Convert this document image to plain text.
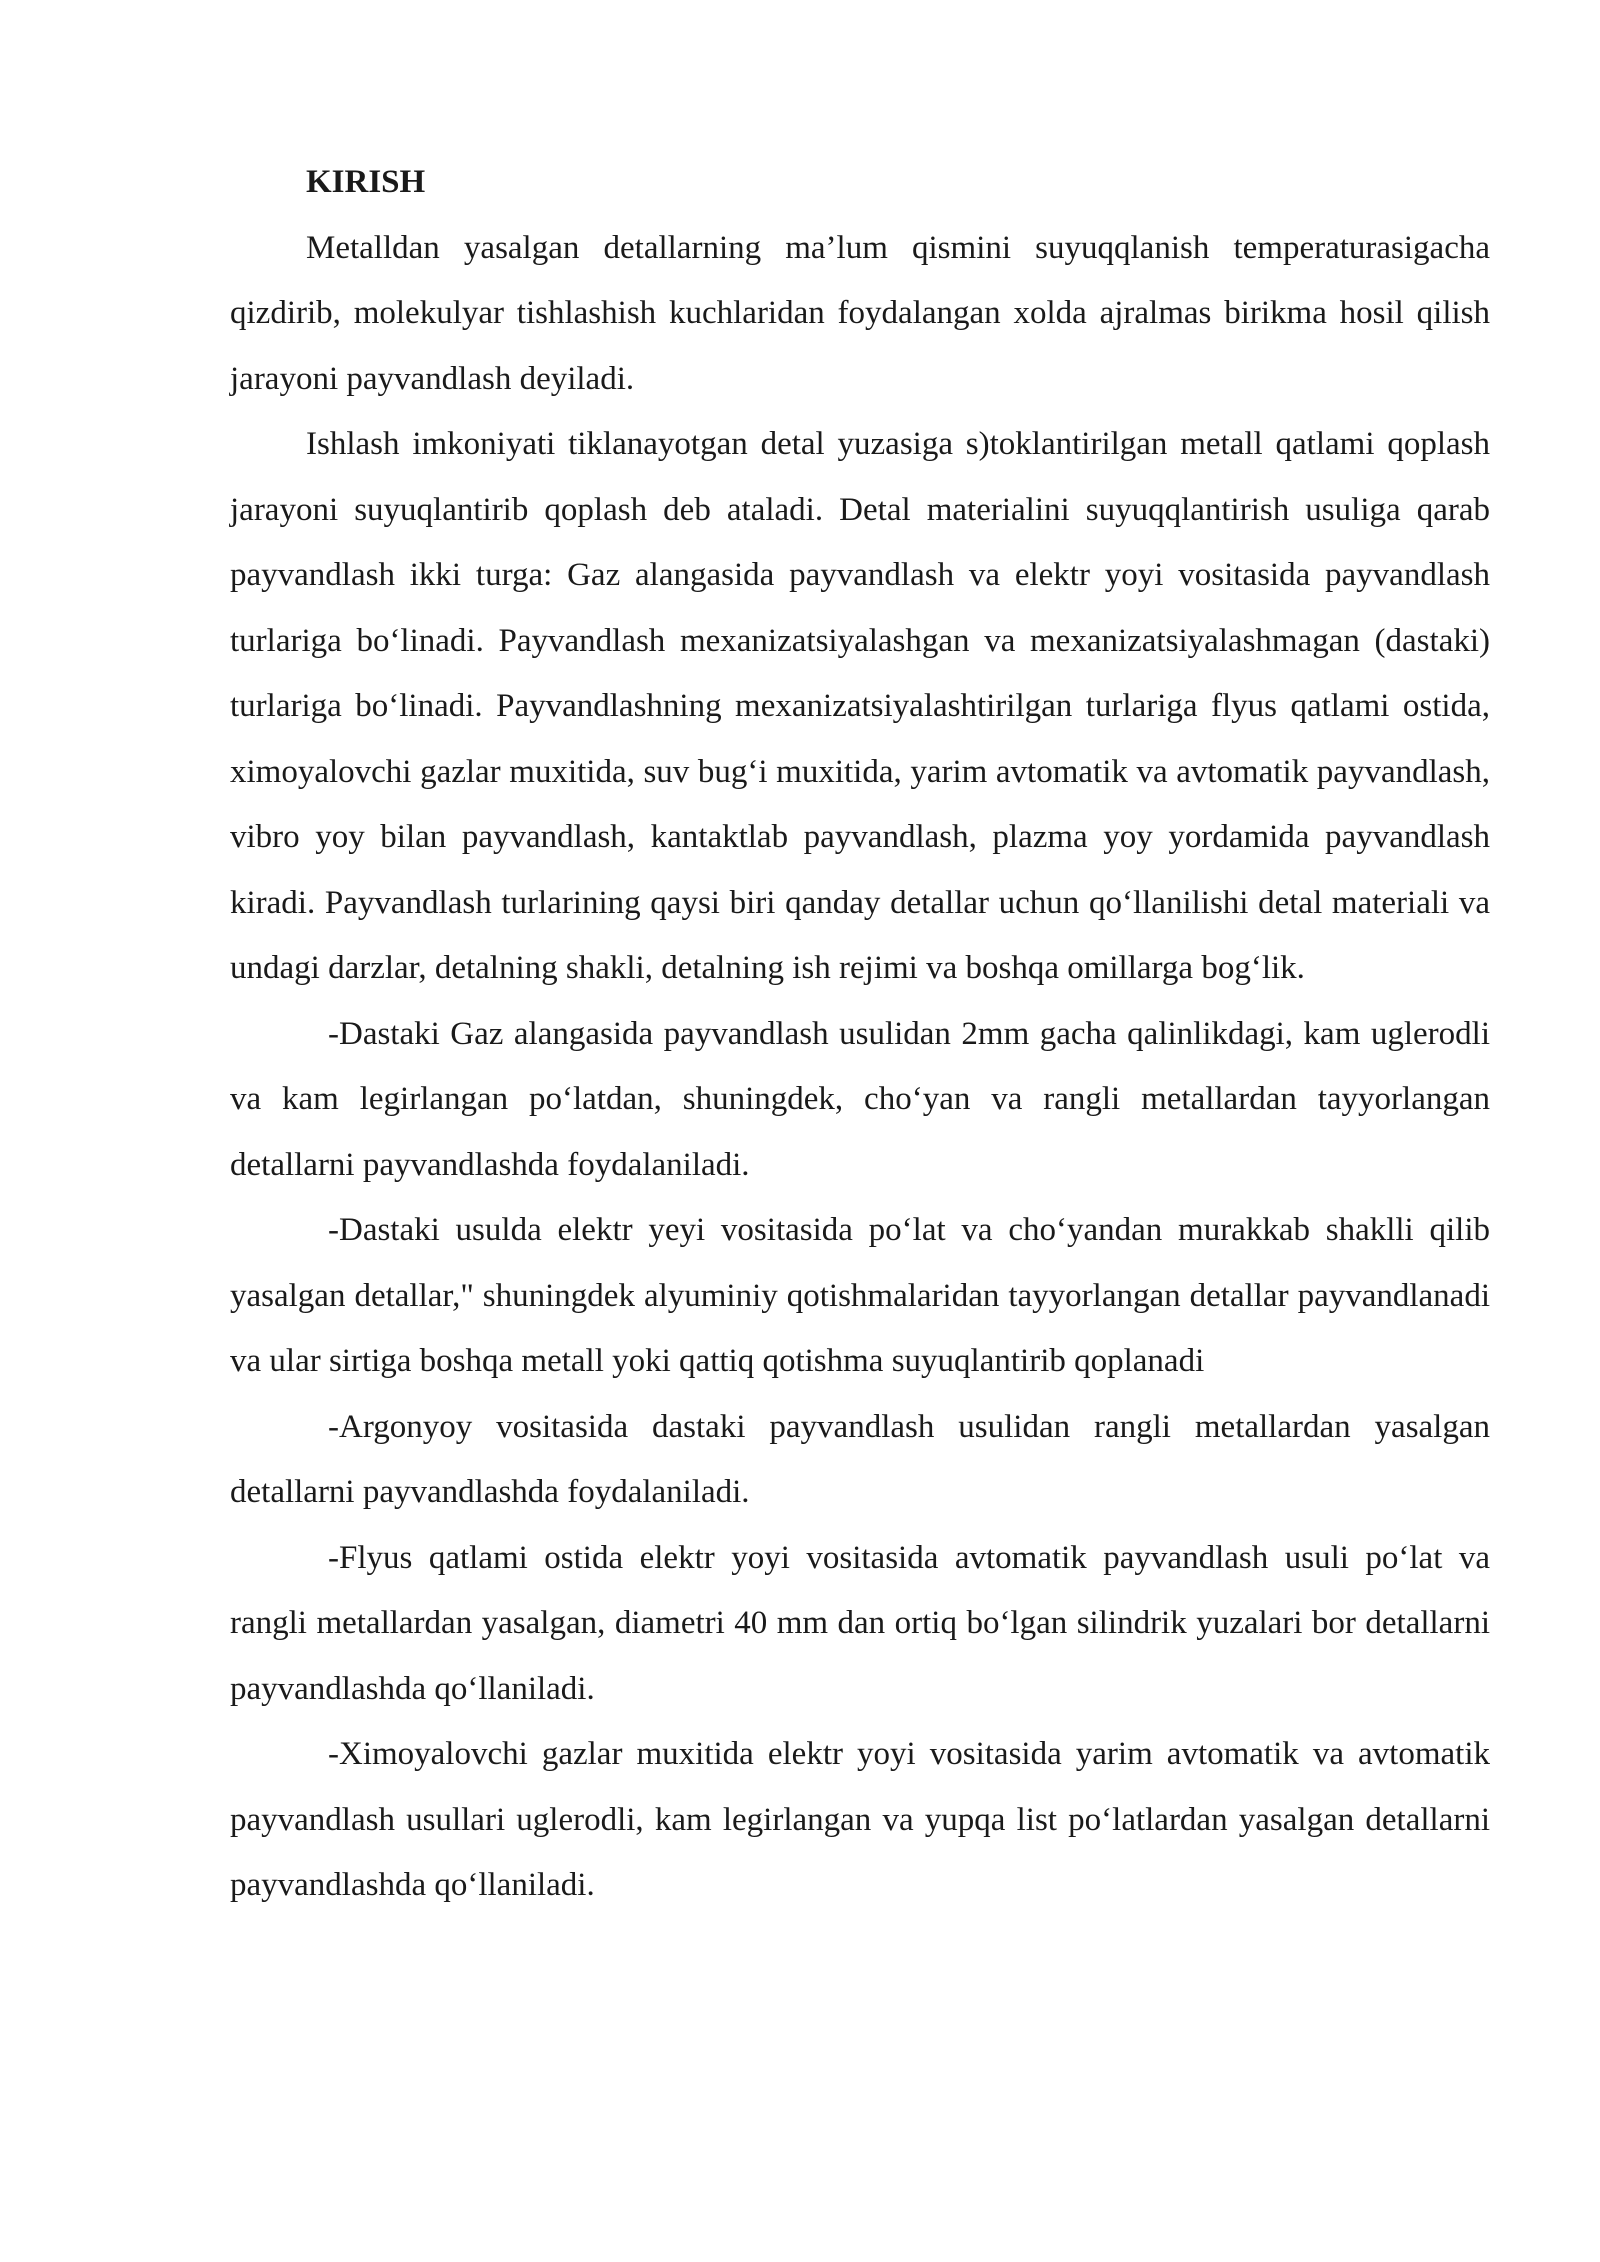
KIRISH

Metalldan yasalgan detallarning ma’lum qismini suyuqqlanish temperaturasigacha qizdirib, molekulyar tishlashish kuchlaridan foydalangan xolda ajralmas birikma hosil qilish jarayoni payvandlash deyiladi.

Ishlash imkoniyati tiklanayotgan detal yuzasiga s)toklantirilgan metall qatlami qoplash jarayoni suyuqlantirib qoplash deb ataladi. Detal materialini suyuqqlantirish usuliga qarab payvandlash ikki turga: Gaz alangasida payvandlash va elektr yoyi vositasida payvandlash turlariga bo‘linadi. Payvandlash mexanizatsiyalashgan va mexanizatsiyalashmagan (dastaki) turlariga bo‘linadi. Payvandlashning mexanizatsiyalashtirilgan turlariga flyus qatlami ostida, ximoyalovchi gazlar muxitida, suv bug‘i muxitida, yarim avtomatik va avtomatik payvandlash, vibro yoy bilan payvandlash, kantaktlab payvandlash, plazma yoy yordamida payvandlash kiradi. Payvandlash turlarining qaysi biri qanday detallar uchun qo‘llanilishi detal materiali va undagi darzlar, detalning shakli, detalning ish rejimi va boshqa omillarga bog‘lik.

-Dastaki Gaz alangasida payvandlash usulidan 2mm gacha qalinlikdagi, kam uglerodli va kam legirlangan po‘latdan, shuningdek, cho‘yan va rangli metallardan tayyorlangan detallarni payvandlashda foydalaniladi.

-Dastaki usulda elektr yeyi vositasida po‘lat va cho‘yandan murakkab shaklli qilib yasalgan detallar," shuningdek alyuminiy qotishmalaridan tayyorlangan detallar payvandlanadi va ular sirtiga boshqa metall yoki qattiq qotishma suyuqlantirib qoplanadi

-Argonyoy vositasida dastaki payvandlash usulidan rangli metallardan yasalgan detallarni payvandlashda foydalaniladi.

-Flyus qatlami ostida elektr yoyi vositasida avtomatik payvandlash usuli po‘lat va rangli metallardan yasalgan, diametri 40 mm dan ortiq bo‘lgan silindrik yuzalari bor detallarni payvandlashda qo‘llaniladi.

-Ximoyalovchi gazlar muxitida elektr yoyi vositasida yarim avtomatik va avtomatik payvandlash usullari uglerodli, kam legirlangan va yupqa list po‘latlardan yasalgan detallarni payvandlashda qo‘llaniladi.
